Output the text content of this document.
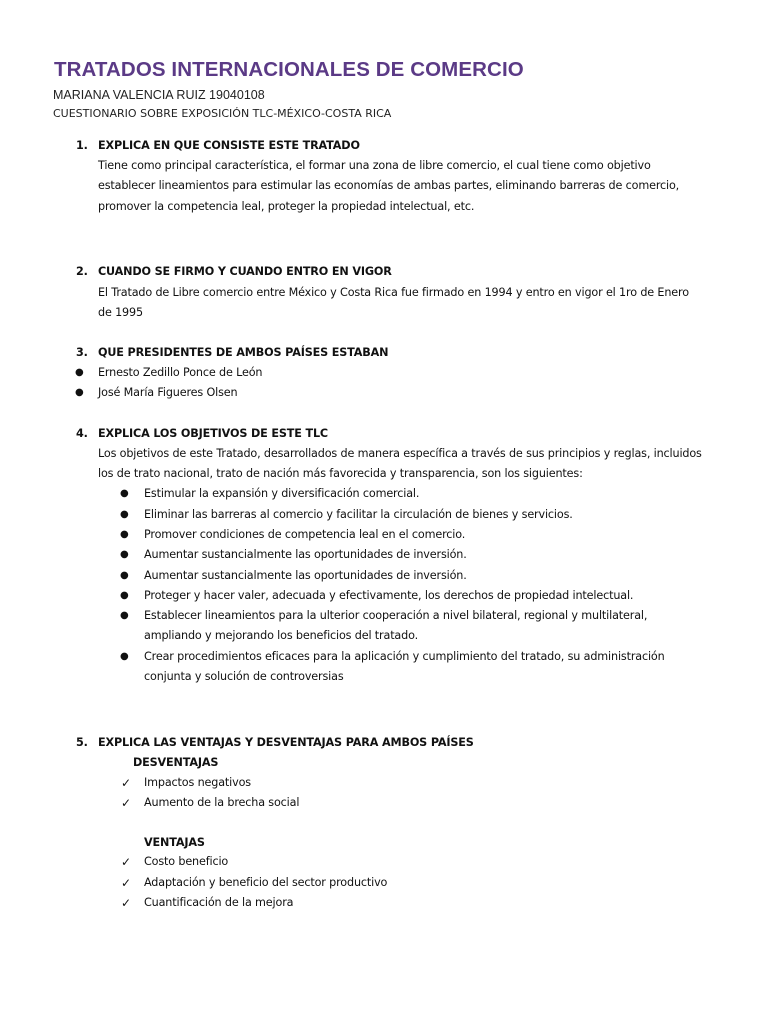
TRATADOS INTERNACIONALES DE COMERCIO
MARIANA VALENCIA RUIZ 19040108
CUESTIONARIO SOBRE EXPOSICIÓN TLC-MÉXICO-COSTA RICA
1. EXPLICA EN QUE CONSISTE ESTE TRATADO
Tiene como principal característica, el formar una zona de libre comercio, el cual tiene como objetivo
establecer lineamientos para estimular las economías de ambas partes, eliminando barreras de comercio,
promover la competencia leal, proteger la propiedad intelectual, etc.
2. CUANDO SE FIRMO Y CUANDO ENTRO EN VIGOR
El Tratado de Libre comercio entre México y Costa Rica fue firmado en 1994 y entro en vigor el 1ro de Enero
de 1995
3. QUE PRESIDENTES DE AMBOS PAÍSES ESTABAN
● Ernesto Zedillo Ponce de León
● José María Figueres Olsen
4. EXPLICA LOS OBJETIVOS DE ESTE TLC
Los objetivos de este Tratado, desarrollados de manera específica a través de sus principios y reglas, incluidos
los de trato nacional, trato de nación más favorecida y transparencia, son los siguientes:
● Estimular la expansión y diversificación comercial.
● Eliminar las barreras al comercio y facilitar la circulación de bienes y servicios.
● Promover condiciones de competencia leal en el comercio.
● Aumentar sustancialmente las oportunidades de inversión.
● Aumentar sustancialmente las oportunidades de inversión.
● Proteger y hacer valer, adecuada y efectivamente, los derechos de propiedad intelectual.
● Establecer lineamientos para la ulterior cooperación a nivel bilateral, regional y multilateral,
ampliando y mejorando los beneficios del tratado.
● Crear procedimientos eficaces para la aplicación y cumplimiento del tratado, su administración
conjunta y solución de controversias
5. EXPLICA LAS VENTAJAS Y DESVENTAJAS PARA AMBOS PAÍSES
DESVENTAJAS
✓ Impactos negativos
✓ Aumento de la brecha social
VENTAJAS
✓ Costo beneficio
✓ Adaptación y beneficio del sector productivo
✓ Cuantificación de la mejora
